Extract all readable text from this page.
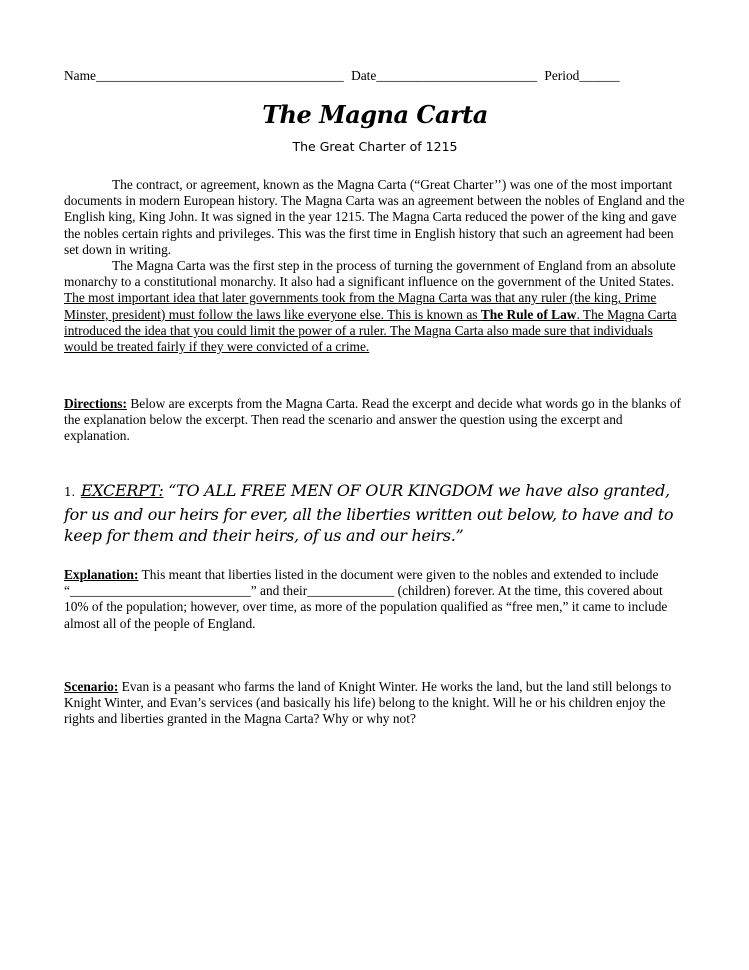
Name_____________________________________ Date________________________ Period______
The Magna Carta
The Great Charter of 1215

The contract, or agreement, known as the Magna Carta (“Great Charter’’) was one of the most important documents in modern European history. The Magna Carta was an agreement between the nobles of England and the English king, King John. It was signed in the year 1215. The Magna Carta reduced the power of the king and gave the nobles certain rights and privileges. This was the first time in English history that such an agreement had been set down in writing.

The Magna Carta was the first step in the process of turning the government of England from an absolute monarchy to a constitutional monarchy. It also had a significant influence on the government of the United States. The most important idea that later governments took from the Magna Carta was that any ruler (the king, Prime Minster, president) must follow the laws like everyone else. This is known as The Rule of Law. The Magna Carta introduced the idea that you could limit the power of a ruler. The Magna Carta also made sure that individuals would be treated fairly if they were convicted of a crime.

Directions: Below are excerpts from the Magna Carta. Read the excerpt and decide what words go in the blanks of the explanation below the excerpt. Then read the scenario and answer the question using the excerpt and explanation.
1. EXCERPT: “TO ALL FREE MEN OF OUR KINGDOM we have also granted, for us and our heirs for ever, all the liberties written out below, to have and to keep for them and their heirs, of us and our heirs.”
Explanation: This meant that liberties listed in the document were given to the nobles and extended to include “___________________________” and their_____________ (children) forever. At the time, this covered about 10% of the population; however, over time, as more of the population qualified as “free men,” it came to include almost all of the people of England.
Scenario: Evan is a peasant who farms the land of Knight Winter. He works the land, but the land still belongs to Knight Winter, and Evan’s services (and basically his life) belong to the knight. Will he or his children enjoy the rights and liberties granted in the Magna Carta? Why or why not?
